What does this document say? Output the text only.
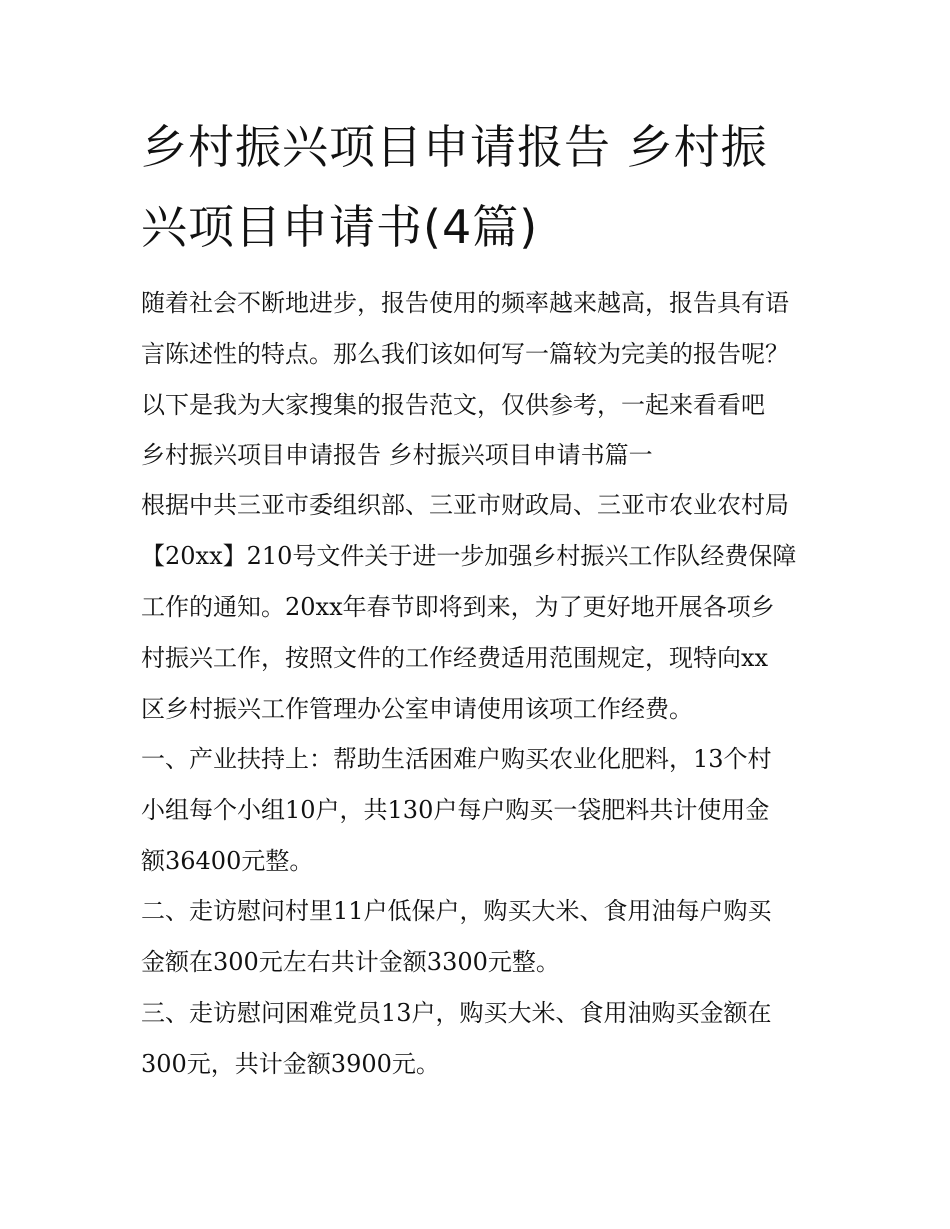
乡村振兴项目申请报告 乡村振
兴项目申请书(4篇)
随着社会不断地进步，报告使用的频率越来越高，报告具有语
言陈述性的特点。那么我们该如何写一篇较为完美的报告呢？
以下是我为大家搜集的报告范文，仅供参考，一起来看看吧
乡村振兴项目申请报告 乡村振兴项目申请书篇一
根据中共三亚市委组织部、三亚市财政局、三亚市农业农村局
【20xx】210号文件关于进一步加强乡村振兴工作队经费保障
工作的通知。20xx年春节即将到来，为了更好地开展各项乡
村振兴工作，按照文件的工作经费适用范围规定，现特向xx
区乡村振兴工作管理办公室申请使用该项工作经费。
一、产业扶持上：帮助生活困难户购买农业化肥料，13个村
小组每个小组10户，共130户每户购买一袋肥料共计使用金
额36400元整。
二、走访慰问村里11户低保户，购买大米、食用油每户购买
金额在300元左右共计金额3300元整。
三、走访慰问困难党员13户，购买大米、食用油购买金额在
300元，共计金额3900元。
